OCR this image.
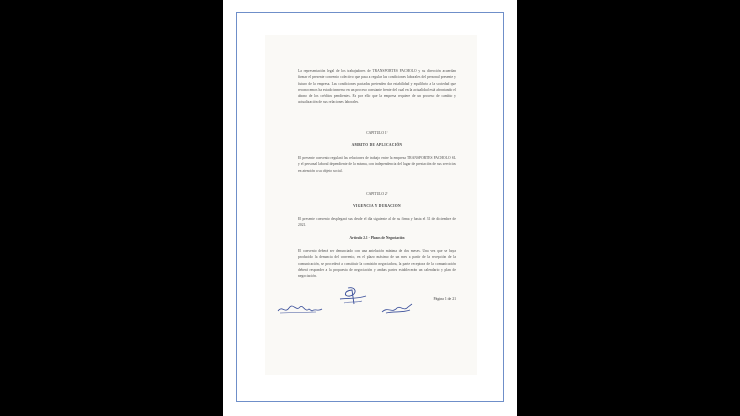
La representación legal de los trabajadores de TRANSPORTES PACHOLO y su dirección acuerdan firmar el presente convenio colectivo que pasa a regular las condiciones laborales del personal presente y futuro de la empresa. Las condiciones pactadas pretenden dar estabilidad y equilibrio a la sociedad que reconocemos ha estado inmerso en un proceso constante frente del cual en la actualidad está afrontando el abono de los créditos pendientes. Es por ello que la empresa requiere de un proceso de cambio y actualización de sus relaciones laborales.
CAPITULO 1º
AMBITO DE APLICACIÓN
El presente convenio regulará las relaciones de trabajo entre la empresa TRANSPORTES PACHOLO SL y el personal laboral dependiente de la misma, con independencia del lugar de prestación de sus servicios en atención a su objeto social.
CAPITULO 2º
VIGENCIA Y DURACION
El presente convenio desplegará sus desde el día siguiente al de su firma y hasta el 31 de diciembre de 2021.
Artículo 2.1 - Plazos de Negociación
El convenio deberá ser denunciado con una antelación mínima de dos meses. Una vez que se haya producido la denuncia del convenio, en el plazo máximo de un mes a partir de la recepción de la comunicación, se procederá a constituir la comisión negociadora, la parte receptora de la comunicación deberá responder a la propuesta de negociación y ambas partes establecerán un calendario y plan de negociación.
Página 1 de 21
